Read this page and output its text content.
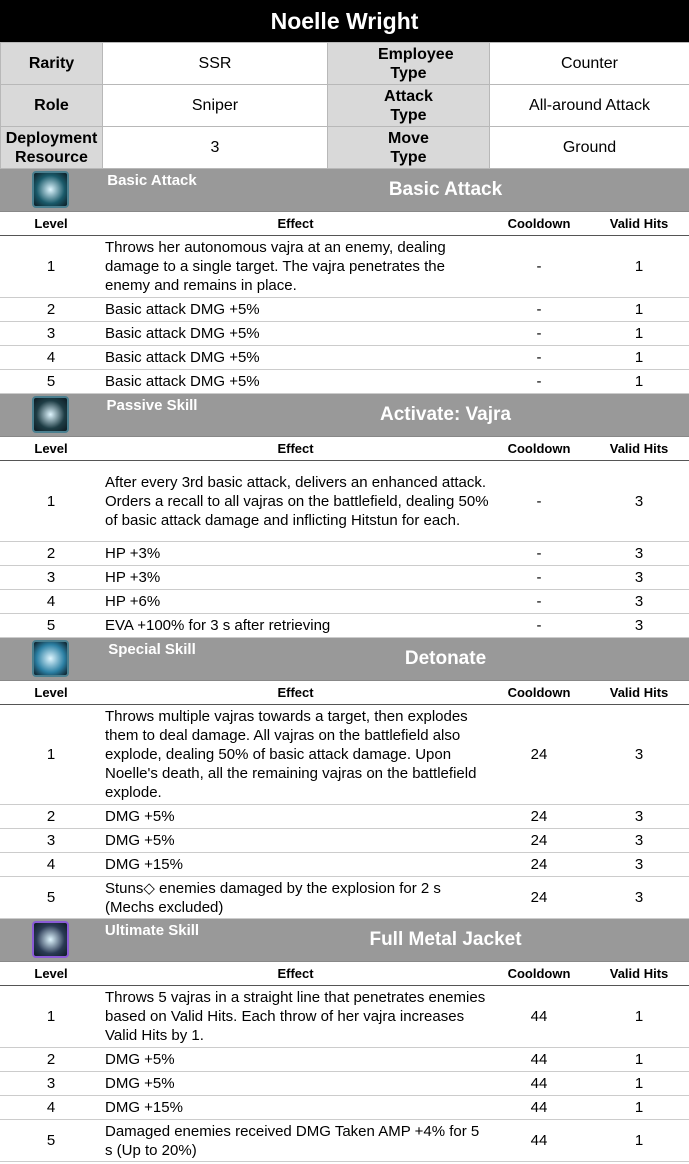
Noelle Wright
Rarity	SSR	Employee Type	Counter
Role	Sniper	Attack Type	All-around Attack
Deployment Resource	3	Move Type	Ground
Basic Attack	Basic Attack
Level	Effect	Cooldown	Valid Hits
1	Throws her autonomous vajra at an enemy, dealing damage to a single target. The vajra penetrates the enemy and remains in place.	-	1
2	Basic attack DMG +5%	-	1
3	Basic attack DMG +5%	-	1
4	Basic attack DMG +5%	-	1
5	Basic attack DMG +5%	-	1
Passive Skill	Activate: Vajra
Level	Effect	Cooldown	Valid Hits
1	After every 3rd basic attack, delivers an enhanced attack. Orders a recall to all vajras on the battlefield, dealing 50% of basic attack damage and inflicting Hitstun for each.	-	3
2	HP +3%	-	3
3	HP +3%	-	3
4	HP +6%	-	3
5	EVA +100% for 3 s after retrieving	-	3
Special Skill	Detonate
Level	Effect	Cooldown	Valid Hits
1	Throws multiple vajras towards a target, then explodes them to deal damage. All vajras on the battlefield also explode, dealing 50% of basic attack damage. Upon Noelle's death, all the remaining vajras on the battlefield explode.	24	3
2	DMG +5%	24	3
3	DMG +5%	24	3
4	DMG +15%	24	3
5	Stuns◇ enemies damaged by the explosion for 2 s (Mechs excluded)	24	3
Ultimate Skill	Full Metal Jacket
Level	Effect	Cooldown	Valid Hits
1	Throws 5 vajras in a straight line that penetrates enemies based on Valid Hits. Each throw of her vajra increases Valid Hits by 1.	44	1
2	DMG +5%	44	1
3	DMG +5%	44	1
4	DMG +15%	44	1
5	Damaged enemies received DMG Taken AMP +4% for 5 s (Up to 20%)	44	1
